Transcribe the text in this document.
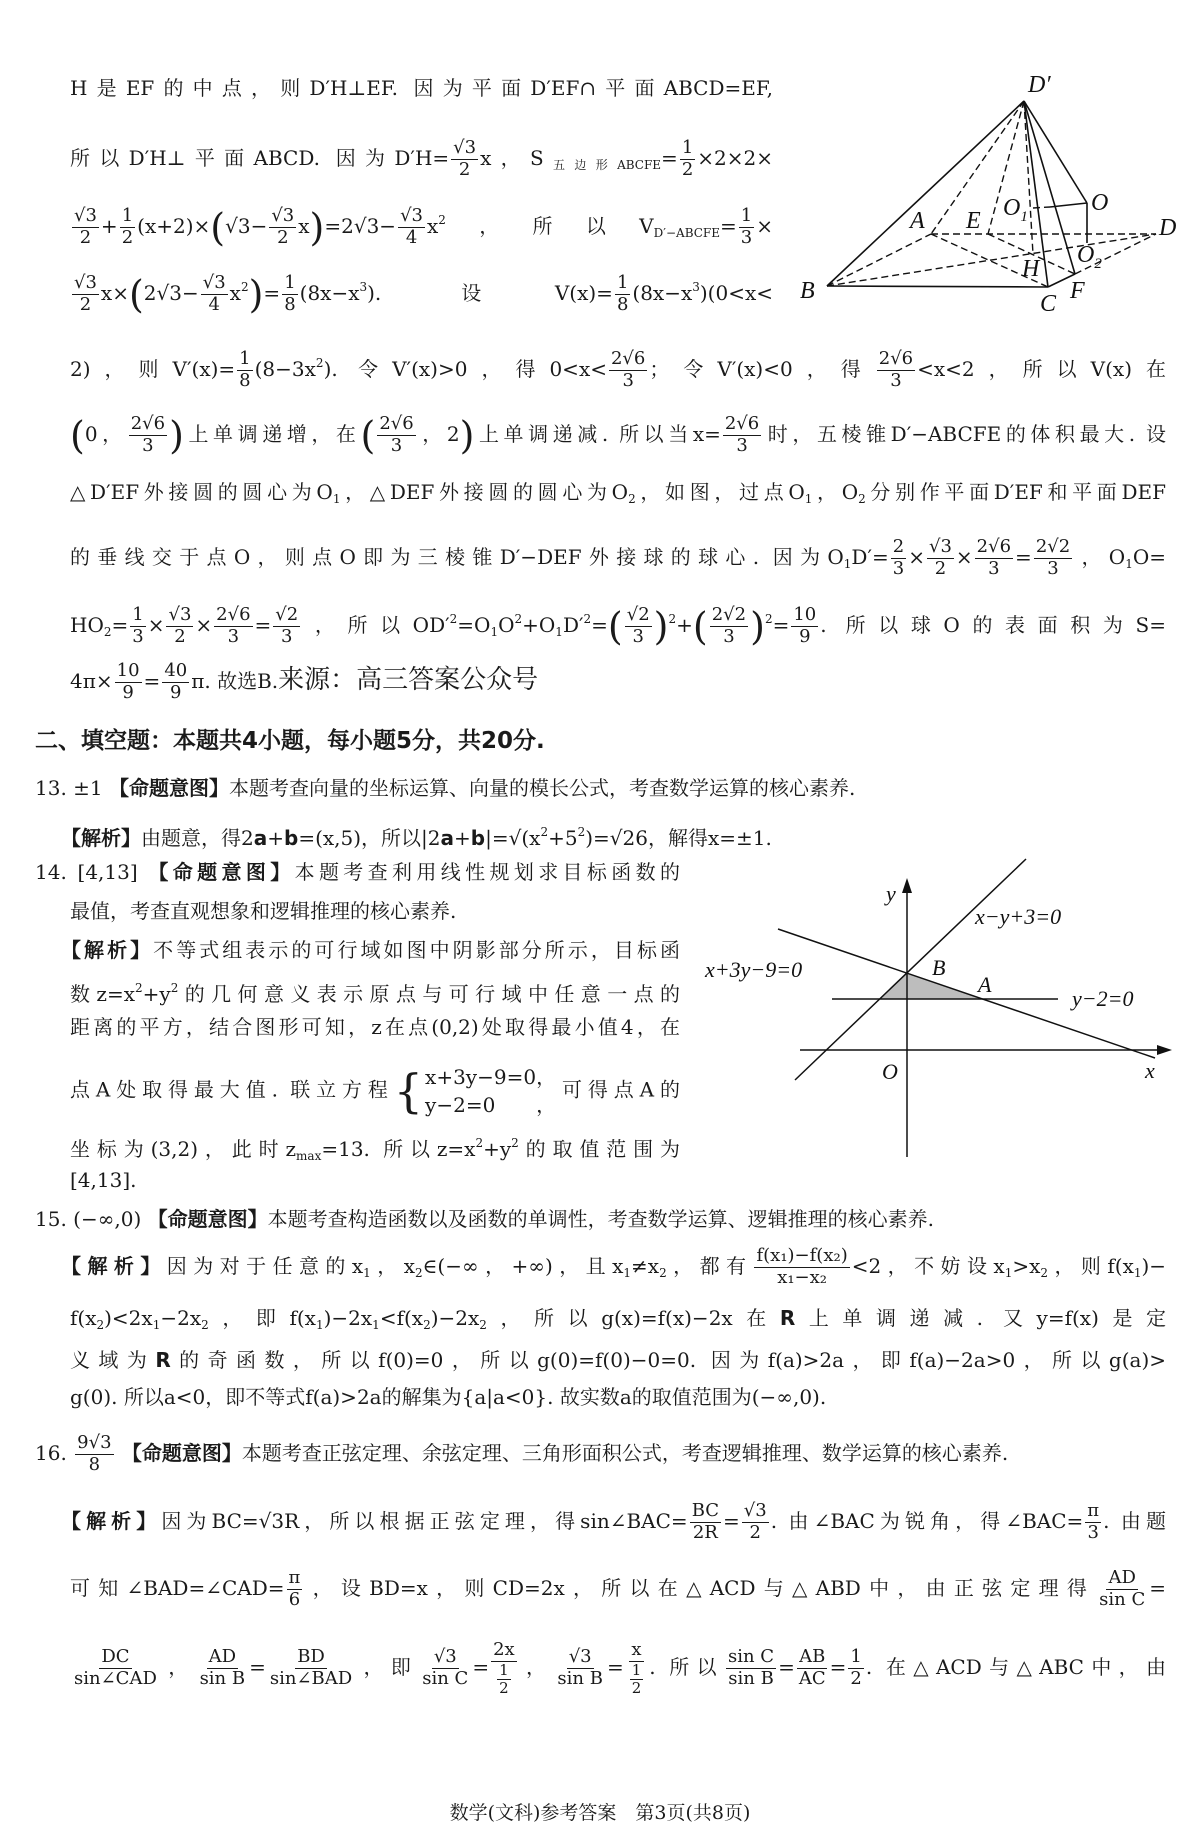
D′
A
B	C
D
E
F
H
O
$O_1$
$O_2$
y
x
O
x−y+3=0
x+3y−9=0
y−2=0
B
A
H是EF的中点，则D′H⊥EF. 因为平面D′EF∩平面ABCD=EF,
所以D′H⊥平面ABCD. 因为$D'H= \frac{√3}{2}$ x，$S_{五边形ABCFE}= \frac{1}{2} \times 2\times 2\times$
$\frac{√3}{2} + \frac{1}{2} (x+2)\times(√3- \frac{√3}{2} x)=2√3- \frac{√3}{4} x^2$，所以$V_{D'-ABCFE}= \frac{1}{3}$ ×
$\frac{√3}{2} x\times(2√3- \frac{√3}{4} x^2)= \frac{1}{8} (8x-x^3)$. 设$V(x)= \frac{1}{8} (8x-x^3)(0<x<$
2)，则$V'(x)= \frac{1}{8} (8-3x^2)$. 令V′(x)>0，得$0<x< \frac{2√6}{3}$ ；令V′(x)<0，得 $\frac{2√6}{3} <x<2$，所以V(x)在
(0， $\frac{2√6}{3}$ )上单调递增，在( $\frac{2√6}{3}$ ，2)上单调递减. 所以当$x= \frac{2√6}{3}$ 时，五棱锥D′−ABCFE的体积最大. 设
△D′EF外接圆的圆心为$O_1$，△DEF外接圆的圆心为$O_2$，如图，过点$O_1$，$O_2$分别作平面D′EF和平面DEF
的垂线交于点O，则点O即为三棱锥D′−DEF外接球的球心. 因为$O_1D'= \frac{2}{3} \times \frac{√3}{2} \times \frac{2√6}{3} = \frac{2√2}{3}$ ，$O_1O=$
$HO_2= \frac{1}{3} \times \frac{√3}{2} \times \frac{2√6}{3} = \frac{√2}{3}$ ，所以$OD'^2=O_1O^2+O_1D'^2=( \frac{√2}{3} )^2+( \frac{2√2}{3} )^2= \frac{10}{9}$ . 所以球O的表面积为S=
$4\pi\times \frac{10}{9} = \frac{40}{9} \pi$. 故选B.来源：高三答案公众号
二、填空题：本题共4小题，每小题5分，共20分.
13. ±1 【命题意图】本题考查向量的坐标运算、向量的模长公式，考查数学运算的核心素养.
【解析】由题意，得2a+b=(x,5)，所以$|2a+b|=√(x^2+5^2)=√26$，解得x=±1.
14. [4,13] 【命题意图】本题考查利用线性规划求目标函数的
最值，考查直观想象和逻辑推理的核心素养.
【解析】不等式组表示的可行域如图中阴影部分所示，目标函
数$z=x^2+y^2$的几何意义表示原点与可行域中任意一点的
距离的平方，结合图形可知，z在点(0,2)处取得最小值4，在
点A处取得最大值. 联立方程 { x+3y−9=0，
y−2=0，
可得点A的
坐标为(3,2)，此时$z_{max}=13$. 所以$z=x^2+y^2$的取值范围为
[4,13].
15. (−∞,0) 【命题意图】本题考查构造函数以及函数的单调性，考查数学运算、逻辑推理的核心素养.
【解析】因为对于任意的$x_1$，$x_2\in(-\infty$，+∞)，且$x_1\ne x_2$，都有 $\frac{\text{f(x₁)−f(x₂)}}{\text{x₁−x₂}} <2$，不妨设$x_1>x_2$，则$f(x_1)-$
$f(x_2)<2x_1-2x_2$，即$f(x_1)-2x_1<f(x_2)-2x_2$，所以g(x)=f(x)−2x在R上单调递减. 又y=f(x)是定
义域为R的奇函数，所以f(0)=0，所以g(0)=f(0)−0=0. 因为f(a)>2a，即f(a)−2a>0，所以g(a)>
g(0). 所以a<0，即不等式f(a)>2a的解集为{a|a<0}. 故实数a的取值范围为(−∞,0).
16. $\frac{9√3}{8}$ 【命题意图】本题考查正弦定理、余弦定理、三角形面积公式，考查逻辑推理、数学运算的核心素养.
【解析】因为BC=√3R，所以根据正弦定理，得sin∠BAC= $\frac{BC}{2R} = \frac{√3}{2}$ . 由∠BAC为锐角，得∠BAC= $\frac{\pi}{3}$ . 由题
可知∠BAD=∠CAD= $\frac{\pi}{6}$ ，设BD=x，则CD=2x，所以在△ACD与△ABD中，由正弦定理得 $\frac{AD}{\text{sin C}}$ =
$\frac{DC}{\text{sin∠CAD}}$ ， $\frac{AD}{\text{sin B}} = \frac{BD}{\text{sin∠BAD}}$ ，即 $\frac{√3}{\text{sin C}} = \frac{2x}{\frac{1}{2}}$ ， $\frac{√3}{\text{sin B}} = \frac{x}{\frac{1}{2}}$ . 所以 $\frac{\text{sin C}}{\text{sin B}} = \frac{AB}{AC} = \frac{1}{2}$ . 在△ACD与△ABC中，由
数学(文科)参考答案　第3页(共8页)
